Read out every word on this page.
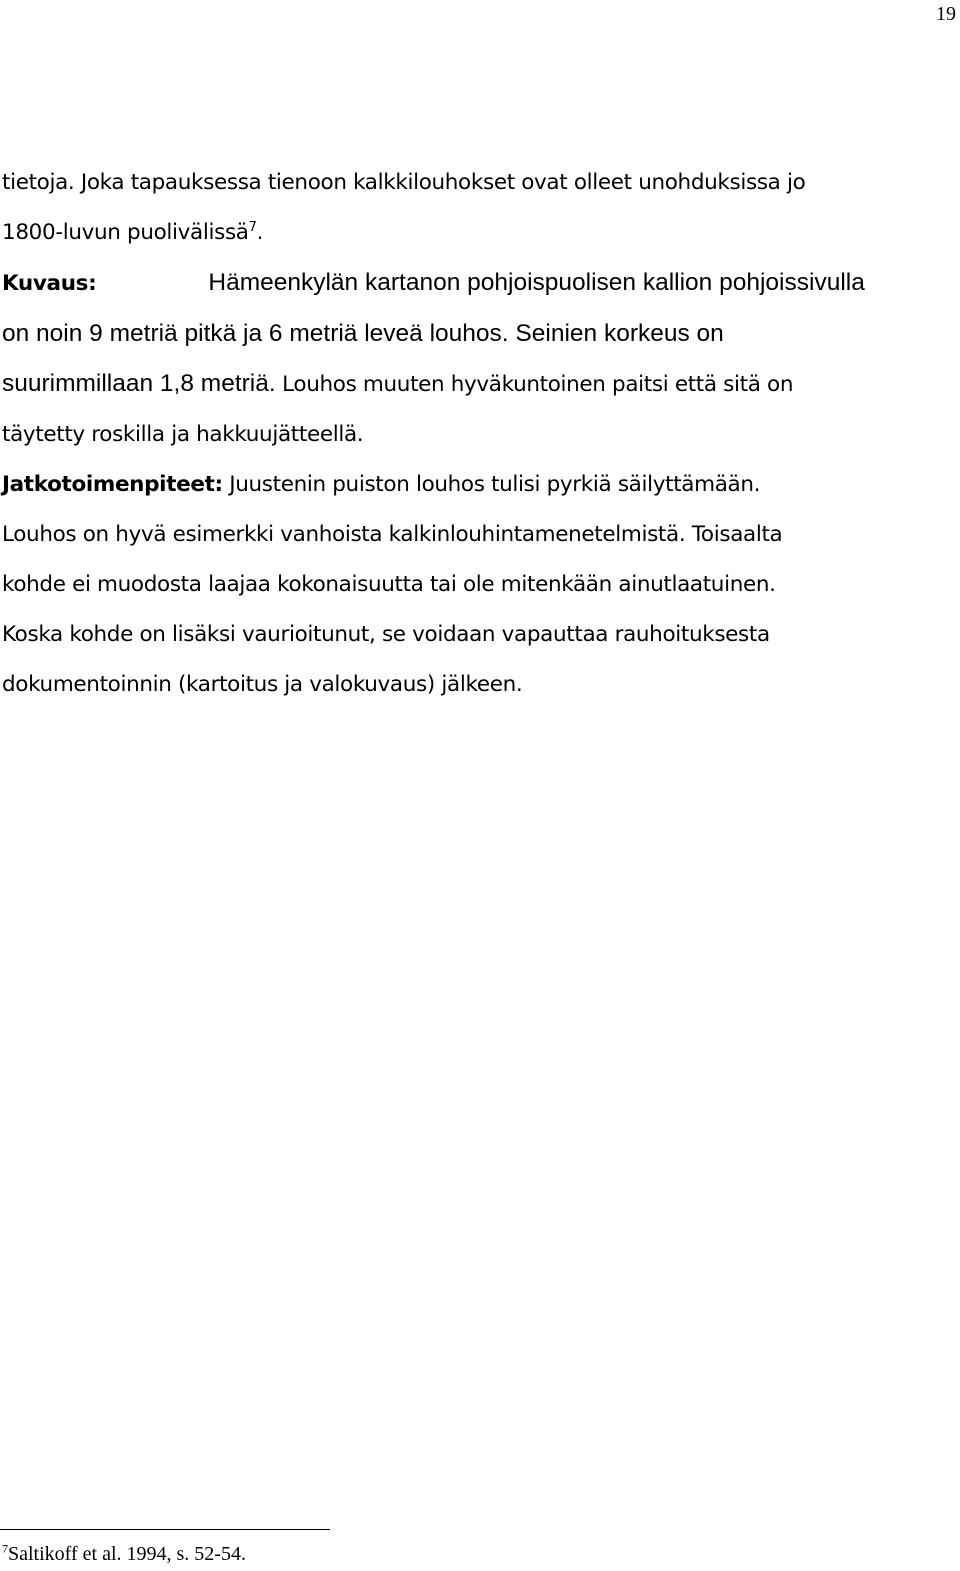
19
tietoja. Joka tapauksessa tienoon kalkkilouhokset ovat olleet unohduksissa jo
1800-luvun puolivälissä$^7$.
Kuvaus:	Hämeenkylän kartanon pohjoispuolisen kallion pohjoissivulla
on noin 9 metriä pitkä ja 6 metriä leveä louhos. Seinien korkeus on
suurimmillaan 1,8 metriä. Louhos muuten hyväkuntoinen paitsi että sitä on
täytetty roskilla ja hakkuujätteellä.
Jatkotoimenpiteet: Juustenin puiston louhos tulisi pyrkiä säilyttämään.
Louhos on hyvä esimerkki vanhoista kalkinlouhintamenetelmistä. Toisaalta
kohde ei muodosta laajaa kokonaisuutta tai ole mitenkään ainutlaatuinen.
Koska kohde on lisäksi vaurioitunut, se voidaan vapauttaa rauhoituksesta
dokumentoinnin (kartoitus ja valokuvaus) jälkeen.
$^7$Saltikoff et al. 1994, s. 52-54.
